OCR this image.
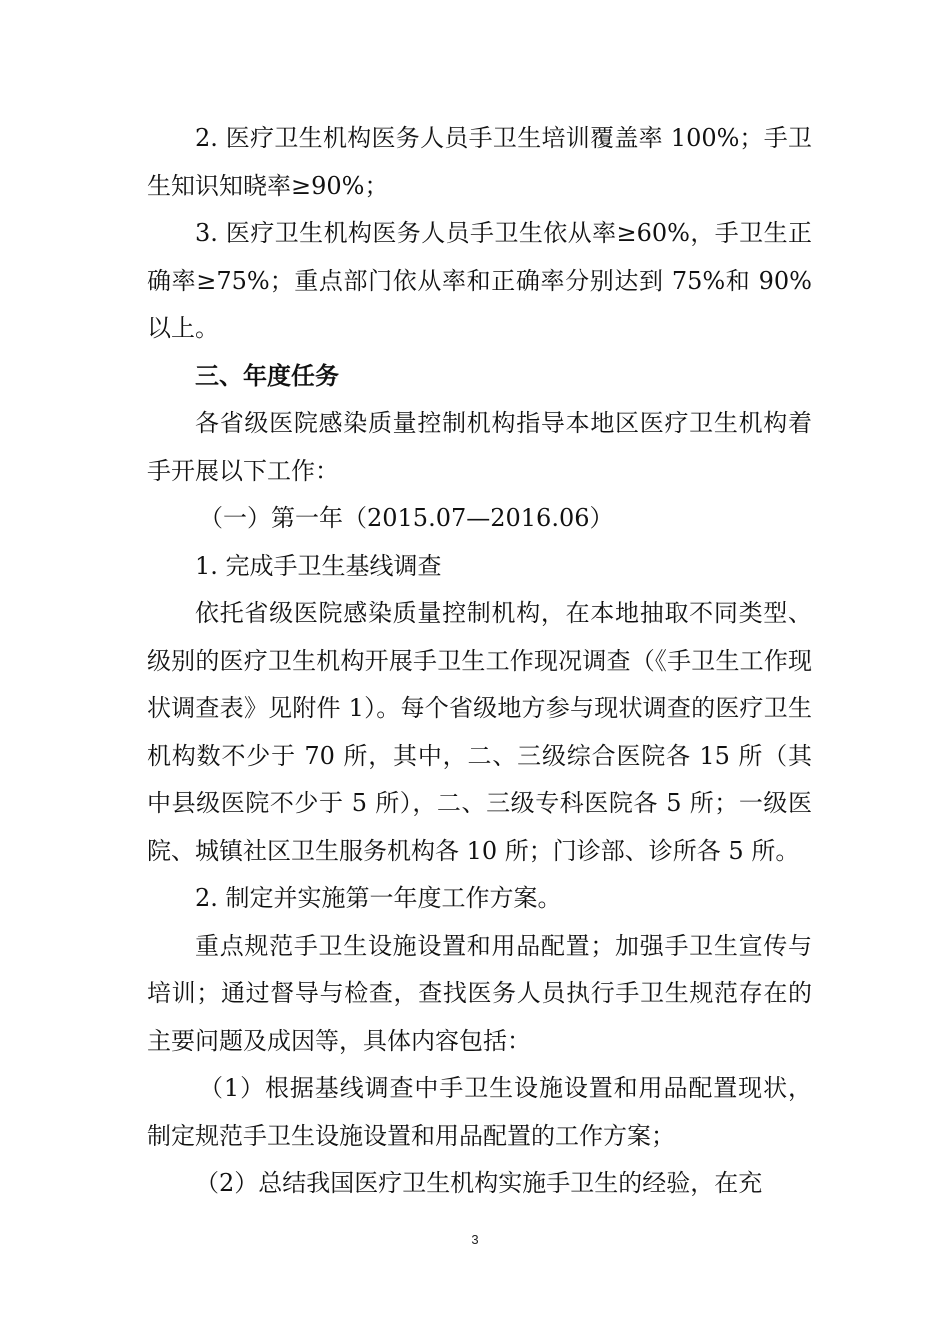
2. 医疗卫生机构医务人员手卫生培训覆盖率 100%；手卫生知识知晓率≥90%；

3. 医疗卫生机构医务人员手卫生依从率≥60%，手卫生正确率≥75%；重点部门依从率和正确率分别达到 75%和 90%以上。

三、年度任务

各省级医院感染质量控制机构指导本地区医疗卫生机构着手开展以下工作：

（一）第一年（2015.07—2016.06）

1. 完成手卫生基线调查

依托省级医院感染质量控制机构，在本地抽取不同类型、级别的医疗卫生机构开展手卫生工作现况调查（《手卫生工作现状调查表》见附件 1）。每个省级地方参与现状调查的医疗卫生机构数不少于 70 所，其中，二、三级综合医院各 15 所（其中县级医院不少于 5 所），二、三级专科医院各 5 所；一级医院、城镇社区卫生服务机构各 10 所；门诊部、诊所各 5 所。

2. 制定并实施第一年度工作方案。

重点规范手卫生设施设置和用品配置；加强手卫生宣传与培训；通过督导与检查，查找医务人员执行手卫生规范存在的主要问题及成因等，具体内容包括：

（1）根据基线调查中手卫生设施设置和用品配置现状，制定规范手卫生设施设置和用品配置的工作方案；

（2）总结我国医疗卫生机构实施手卫生的经验，在充

3
